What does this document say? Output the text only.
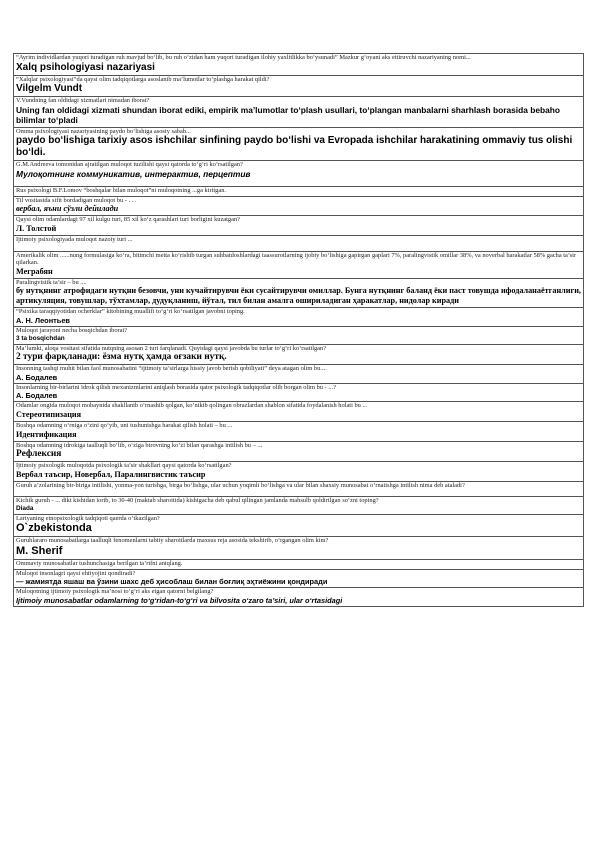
“Ayrim individlardan yuqori turadigan ruh mavjud bo‘lib, bu ruh o‘zidan ham yuqori turadigan ilohiy yaxlitlikka bo‘ysunadi” Mazkur g‘oyani aks ettiruvchi nazariyaning nomi...
Xalq psihologiyasi nazariyasi
“Xalqlar psixologiyasi”da qaysi olim tadqiqotlarga asoslanib ma’lumotlar to‘plashga harakat qildi?
Vilgelm Vundt
V.Vundning fan oldidagi xizmatlari nimadan iborat?
Uning fan oldidagi xizmati shundan iborat ediki, empirik ma’lumotlar to‘plash usullari, to‘plangan manbalarni sharhlash borasida bebaho bilimlar to‘pladi
Omma psixologiyasi nazariyasining paydo bo‘lishiga asosiy sabab...
paydo bo‘lishiga tarixiy asos ishchilar sinfining paydo bo‘lishi va Evropada ishchilar harakatining ommaviy tus olishi bo‘ldi.
G.M.Andreeva tomonidan ajratilgan muloqot tuzilishi qaysi qatorda to‘g‘ri ko‘rsatilgan?
Мулоқотнинг коммуникатив, интерактив, перцептив
Rus psixologi B.F.Lomov “boshqalar bilan muloqot”ni muloqotning ...ga kiritgan.
Til vositasida sifit bordadigan muloqot bu - . . .
вербал, яъни сўзли дейилади
Qaysi olim odamlardagi 97 xil kulgu turi, 85 xil ko‘z qarashlari turi borligini kuzatgan?
Л. Толстой
Ijtimoiy psixologiyada muloqot nazoiy turi ...
Amerikalik olim ......nung formulasiga ko‘ra, bitimchi metta ko‘rishib turgan suhbatdoshlardagi taassurotlarning ijobiy bo‘lishiga gapirgan gaplari 7%, paralingvistik omillar 38%, va noverbal harakatlar 58% gacha ta’sir qilarkan.
Меграбян
Paralingvistik ta’sir – bu ....
бу нутқнинг атрофидаги нутқни безовчи, уни кучайтирувчи ёки сусайтирувчи омиллар. Бунга нутқнинг баланд ёки паст товушда ифодаланаётганлиги, артикуляция, товушлар, тўхтамлар, дудуқланиш, йўтал, тил билан амалга ошириладиган ҳаракатлар, нидолар киради
“Psixika taraqqiyotidan ocherklar” kitobining muallifi to‘g‘ri ko‘rsatilgan javobni toping.
А. Н. Леонтьев
Muloqot jarayoni necha bosqichdan iborat?
3 ta bosqichdan
Ma’lumki, aloqa vositasi sifatida nutqning asosan 2 turi farqlanadi. Quyidagi qaysi javobda bu turlar to‘g‘ri ko‘rsatilgan?
2 тури фарқланади: ёзма нутқ ҳамда оғзаки нутқ.
Insonning tashqi muhit bilan faol munosabatini “ijtimoiy ta’sirlarga hissiy javob berish qobiliyati” deya atagan olim bu....
А. Бодалев
Insonlarning bir-birlarini idrok qilish mexanizmlarini aniqlash borasida qator psixologik tadqiqotlar olib borgan olim bu - ...?
А. Бодалев
Odamlar ongida muloqot mobaynida shakllanib o‘rnashib qolgan, ko‘nikib qolingan obrazlardan shablon sifatida foydalanish holati bu ...
Стереотипизация
Boshqa odamning o‘rniga o‘zini qo‘yib, uni tushunishga harakat qilish holati – bu ...
Идентификация
Boshqa odamning idrokiga taalluqli bo‘lib, o‘ziga birovning ko‘zi bilan qarashga intilish bu – ...
Рефлексия
Ijtimoiy psixologik muloqotda psixologik ta’sir shakllari qaysi qatorda ko‘rsatilgan?
Вербал таъсир, Новербал, Паралингвистик таъсир
Guruh a’zolarining bir-biriga intilishi, yonma-yon turishga, birga bo‘lishga, ular uchun yoqimli bo‘lishga va ular bilan shaxsiy munosabat o‘rnatishga intilish nima deb ataladi?
Kichik guruh - ... dikt kishidan iorib, to 30-40 (maktab sharoitida) kishigacha deb qabul qilingan jamlanda mahsulb qoldirilgan so‘zni toping?
Diada
Lariyaning etnopsixologik tadqiqoti qaerda o‘tkazilgan?
O`zbekistonda
Guruhlararo munosabatlarga taalluqli fenomenlarni tabiiy sharoitlarda maxsus reja asosida tekshirib, o‘rgangan olim kim?
M. Sherif
Ommaviy munosabatlar tushunchasiga berilgan ta’rifni aniqlang.
Muloqot insonlagri qaysi ehtiyojini qondiradi?
— жамиятда яшаш ва ўзини шахс деб ҳисоблаш билан боғлиқ эҳтиёжини қондиради
Muloqotning ijtimoiy psixologik ma’nosi to‘g‘ri aks etgan qatorni belgilang?
Ijtimoiy munosabatlar odamlarning to‘g‘ridan-to‘g‘ri va bilvosita o‘zaro ta’siri, ular o‘rtasidagi
